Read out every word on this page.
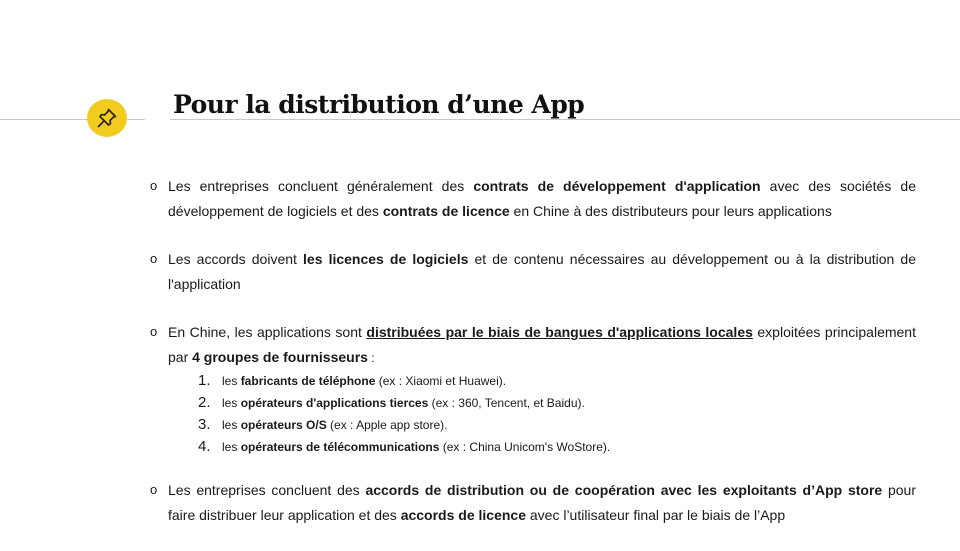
Pour la distribution d’une App
o Les entreprises concluent généralement des contrats de développement d'application avec des sociétés de développement de logiciels et des contrats de licence en Chine à des distributeurs pour leurs applications
o Les accords doivent les licences de logiciels et de contenu nécessaires au développement ou à la distribution de l'application
o En Chine, les applications sont distribuées par le biais de bangues d'applications locales exploitées principalement par 4 groupes de fournisseurs :
1. les fabricants de téléphone (ex : Xiaomi et Huawei).
2. les opérateurs d'applications tierces (ex : 360, Tencent, et Baidu).
3. les opérateurs O/S (ex : Apple app store).
4. les opérateurs de télécommunications (ex : China Unicom's WoStore).
o Les entreprises concluent des accords de distribution ou de coopération avec les exploitants d’App store pour faire distribuer leur application et des accords de licence avec l’utilisateur final par le biais de l’App
